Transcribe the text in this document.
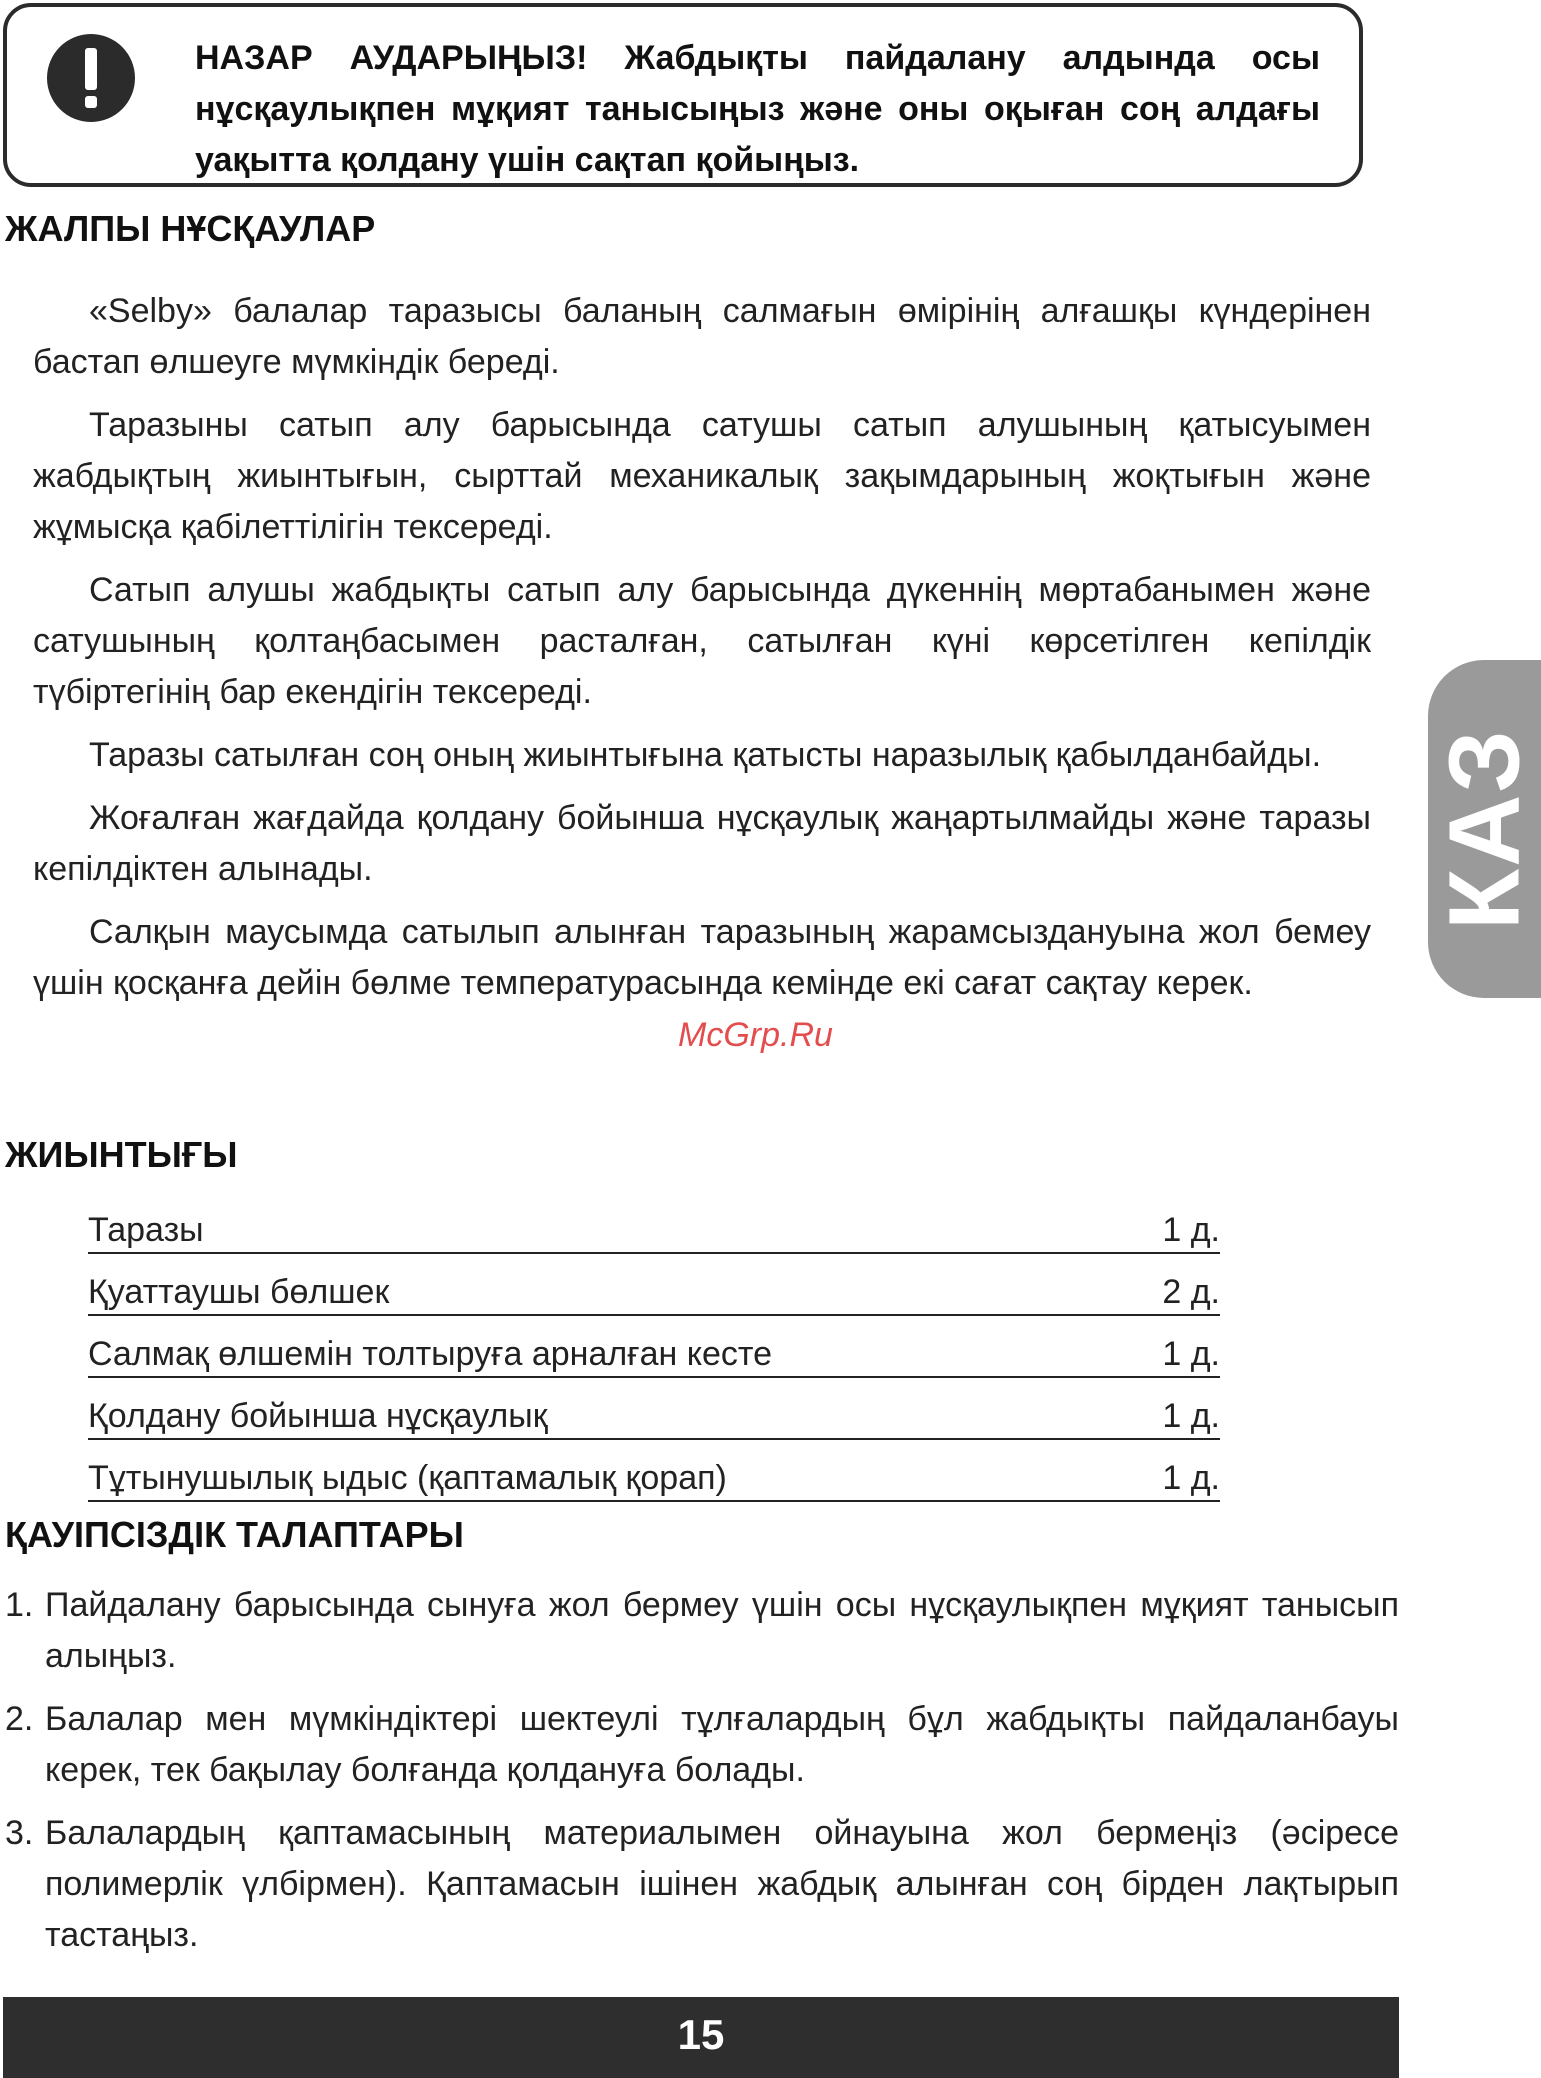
НАЗАР АУДАРЫҢЫЗ! Жабдықты пайдалану алдында осы нұсқаулықпен мұқият танысыңыз және оны оқыған соң алдағы уақытта қолдану үшін сақтап қойыңыз.
ЖАЛПЫ НҰСҚАУЛАР

«Selby» балалар таразысы баланың салмағын өмірінің алғашқы күндерінен бастап өлшеуге мүмкіндік береді.

Таразыны сатып алу барысында сатушы сатып алушының қатысуымен жабдықтың жиынтығын, сырттай механикалық зақымдарының жоқтығын және жұмысқа қабілеттілігін тексереді.

Сатып алушы жабдықты сатып алу барысында дүкеннің мөртабанымен және сатушының қолтаңбасымен расталған, сатылған күні көрсетілген кепілдік түбіртегінің бар екендігін тексереді.

Таразы сатылған соң оның жиынтығына қатысты наразылық қабылданбайды.

Жоғалған жағдайда қолдану бойынша нұсқаулық жаңартылмайды және таразы кепілдіктен алынады.

Салқын маусымда сатылып алынған таразының жарамсыздануына жол бемеу үшін қосқанға дейін бөлме температурасында кемінде екі сағат сақтау керек.

McGrp.Ru
ЖИЫНТЫҒЫ
Таразы	1 д.
Қуаттаушы бөлшек	2 д.
Салмақ өлшемін толтыруға арналған кесте	1 д.
Қолдану бойынша нұсқаулық	1 д.
Тұтынушылық ыдыс (қаптамалық қорап)	1 д.
ҚАУІПСІЗДІК ТАЛАПТАРЫ
1. Пайдалану барысында сынуға жол бермеу үшін осы нұсқаулықпен мұқият танысып алыңыз.
2. Балалар мен мүмкіндіктері шектеулі тұлғалардың бұл жабдықты пайдаланбауы керек, тек бақылау болғанда қолдануға болады.
3. Балалардың қаптамасының материалымен ойнауына жол бермеңіз (әсіресе полимерлік үлбірмен). Қаптамасын ішінен жабдық алынған соң бірден лақтырып тастаңыз.
КАЗ
15
